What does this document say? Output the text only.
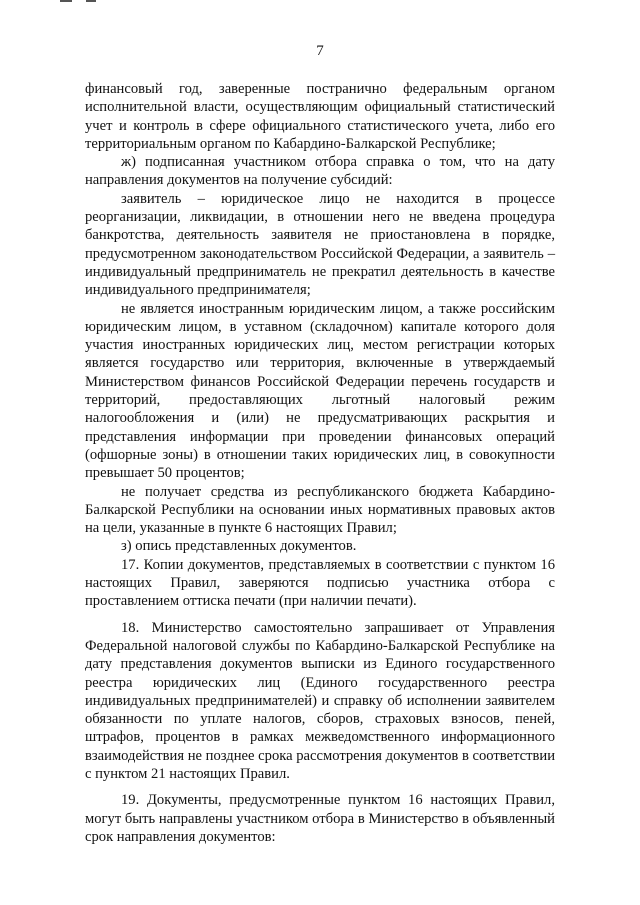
7

финансовый год, заверенные постранично федеральным органом исполнительной власти, осуществляющим официальный статистический учет и контроль в сфере официального статистического учета, либо его территориальным органом по Кабардино-Балкарской Республике;

ж) подписанная участником отбора справка о том, что на дату направления документов на получение субсидий:

заявитель – юридическое лицо не находится в процессе реорганизации, ликвидации, в отношении него не введена процедура банкротства, деятельность заявителя не приостановлена в порядке, предусмотренном законодательством Российской Федерации, а заявитель – индивидуальный предприниматель не прекратил деятельность в качестве индивидуального предпринимателя;

не является иностранным юридическим лицом, а также российским юридическим лицом, в уставном (складочном) капитале которого доля участия иностранных юридических лиц, местом регистрации которых является государство или территория, включенные в утверждаемый Министерством финансов Российской Федерации перечень государств и территорий, предоставляющих льготный налоговый режим налогообложения и (или) не предусматривающих раскрытия и представления информации при проведении финансовых операций (офшорные зоны) в отношении таких юридических лиц, в совокупности превышает 50 процентов;

не получает средства из республиканского бюджета Кабардино-Балкарской Республики на основании иных нормативных правовых актов на цели, указанные в пункте 6 настоящих Правил;

з) опись представленных документов.

17. Копии документов, представляемых в соответствии с пунктом 16 настоящих Правил, заверяются подписью участника отбора с проставлением оттиска печати (при наличии печати).

18. Министерство самостоятельно запрашивает от Управления Федеральной налоговой службы по Кабардино-Балкарской Республике на дату представления документов выписки из Единого государственного реестра юридических лиц (Единого государственного реестра индивидуальных предпринимателей) и справку об исполнении заявителем обязанности по уплате налогов, сборов, страховых взносов, пеней, штрафов, процентов в рамках межведомственного информационного взаимодействия не позднее срока рассмотрения документов в соответствии с пунктом 21 настоящих Правил.

19. Документы, предусмотренные пунктом 16 настоящих Правил, могут быть направлены участником отбора в Министерство в объявленный срок направления документов:
